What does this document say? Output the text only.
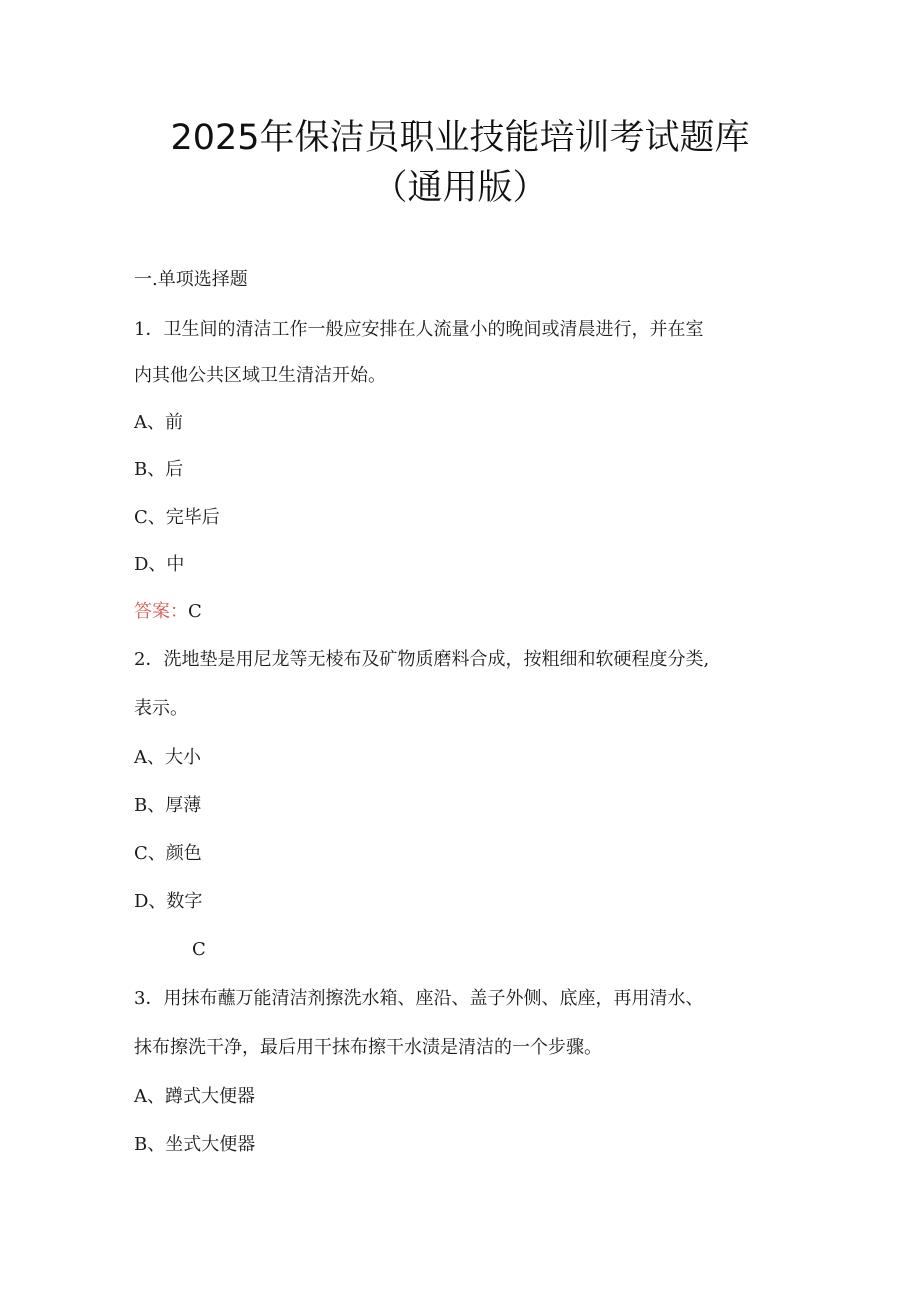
2025年保洁员职业技能培训考试题库
（通用版）
一.单项选择题
1．卫生间的清洁工作一般应安排在人流量小的晚间或清晨进行，并在室
内其他公共区域卫生清洁开始。
A、前
B、后
C、完毕后
D、中
答案：C
2．洗地垫是用尼龙等无棱布及矿物质磨料合成，按粗细和软硬程度分类,
表示。
A、大小
B、厚薄
C、颜色
D、数字
C
3．用抹布蘸万能清洁剂擦洗水箱、座沿、盖子外侧、底座，再用清水、
抹布擦洗干净，最后用干抹布擦干水渍是清洁的一个步骤。
A、蹲式大便器
B、坐式大便器
